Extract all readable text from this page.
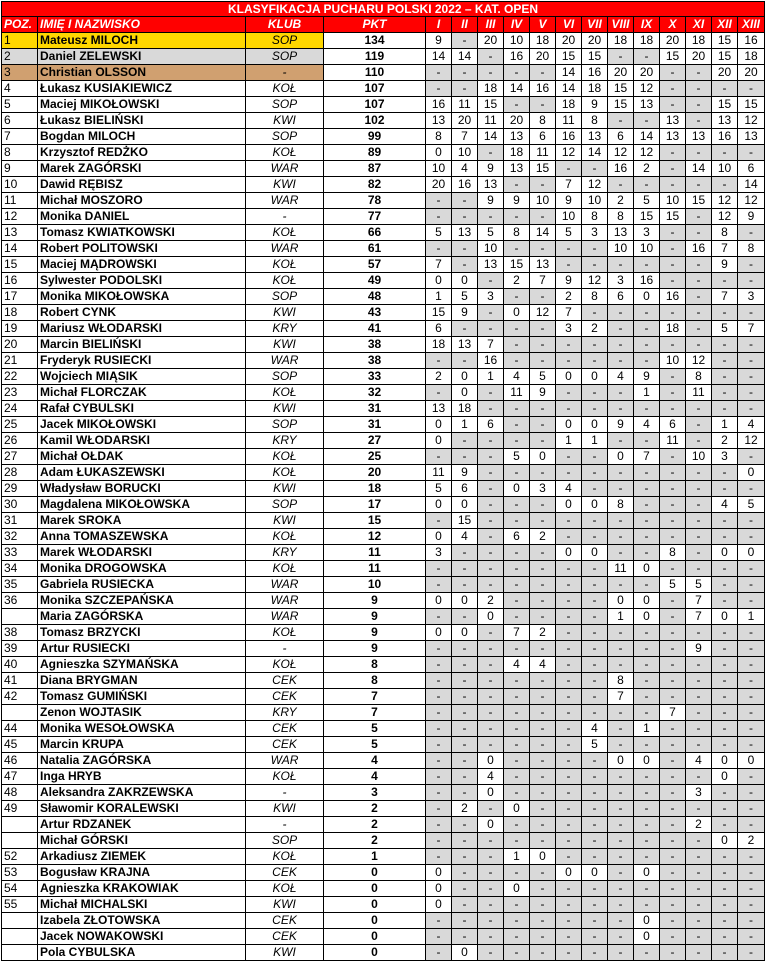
KLASYFIKACJA PUCHARU POLSKI 2022 – KAT. OPEN																
POZ.	IMIĘ I NAZWISKO	KLUB	PKT	I	II	III	IV	V	VI	VII	VIII	IX	X	XI	XII	XIII
1	Mateusz MILOCH	SOP	134	9	-	20	10	18	20	20	18	18	20	18	15	16
2	Daniel ZELEWSKI	SOP	119	14	14	-	16	20	15	15	-	-	15	20	15	18
3	Christian OLSSON	-	110	-	-	-	-	-	14	16	20	20	-	-	20	20
4	Łukasz KUSIAKIEWICZ	KOŁ	107	-	-	18	14	16	14	18	15	12	-	-	-	-
5	Maciej MIKOŁOWSKI	SOP	107	16	11	15	-	-	18	9	15	13	-	-	15	15
6	Łukasz BIELIŃSKI	KWI	102	13	20	11	20	8	11	8	-	-	13	-	13	12
7	Bogdan MILOCH	SOP	99	8	7	14	13	6	16	13	6	14	13	13	16	13
8	Krzysztof REDŻKO	KOŁ	89	0	10	-	18	11	12	14	12	12	-	-	-	-
9	Marek ZAGÓRSKI	WAR	87	10	4	9	13	15	-	-	16	2	-	14	10	6
10	Dawid RĘBISZ	KWI	82	20	16	13	-	-	7	12	-	-	-	-	-	14
11	Michał MOSZORO	WAR	78	-	-	9	9	10	9	10	2	5	10	15	12	12
12	Monika DANIEL	-	77	-	-	-	-	-	10	8	8	15	15	-	12	9
13	Tomasz KWIATKOWSKI	KOŁ	66	5	13	5	8	14	5	3	13	3	-	-	8	-
14	Robert POLITOWSKI	WAR	61	-	-	10	-	-	-	-	10	10	-	16	7	8
15	Maciej MĄDROWSKI	KOŁ	57	7	-	13	15	13	-	-	-	-	-	-	9	-
16	Sylwester PODOLSKI	KOŁ	49	0	0	-	2	7	9	12	3	16	-	-	-	-
17	Monika MIKOŁOWSKA	SOP	48	1	5	3	-	-	2	8	6	0	16	-	7	3
18	Robert CYNK	KWI	43	15	9	-	0	12	7	-	-	-	-	-	-	-
19	Mariusz WŁODARSKI	KRY	41	6	-	-	-	-	3	2	-	-	18	-	5	7
20	Marcin BIELIŃSKI	KWI	38	18	13	7	-	-	-	-	-	-	-	-	-	-
21	Fryderyk RUSIECKI	WAR	38	-	-	16	-	-	-	-	-	-	10	12	-	-
22	Wojciech MIĄSIK	SOP	33	2	0	1	4	5	0	0	4	9	-	8	-	-
23	Michał FLORCZAK	KOŁ	32	-	0	-	11	9	-	-	-	1	-	11	-	-
24	Rafał CYBULSKI	KWI	31	13	18	-	-	-	-	-	-	-	-	-	-	-
25	Jacek MIKOŁOWSKI	SOP	31	0	1	6	-	-	0	0	9	4	6	-	1	4
26	Kamil WŁODARSKI	KRY	27	0	-	-	-	-	1	1	-	-	11	-	2	12
27	Michał OŁDAK	KOŁ	25	-	-	-	5	0	-	-	0	7	-	10	3	-
28	Adam ŁUKASZEWSKI	KOŁ	20	11	9	-	-	-	-	-	-	-	-	-	-	0
29	Władysław BORUCKI	KWI	18	5	6	-	0	3	4	-	-	-	-	-	-	-
30	Magdalena MIKOŁOWSKA	SOP	17	0	0	-	-	-	0	0	8	-	-	-	4	5
31	Marek SROKA	KWI	15	-	15	-	-	-	-	-	-	-	-	-	-	-
32	Anna TOMASZEWSKA	KOŁ	12	0	4	-	6	2	-	-	-	-	-	-	-	-
33	Marek WŁODARSKI	KRY	11	3	-	-	-	-	0	0	-	-	8	-	0	0
34	Monika DROGOWSKA	KOŁ	11	-	-	-	-	-	-	-	11	0	-	-	-	-
35	Gabriela RUSIECKA	WAR	10	-	-	-	-	-	-	-	-	-	5	5	-	-
36	Monika SZCZEPAŃSKA	WAR	9	0	0	2	-	-	-	-	0	0	-	7	-	-
	Maria ZAGÓRSKA	WAR	9	-	-	0	-	-	-	-	1	0	-	7	0	1
38	Tomasz BRZYCKI	KOŁ	9	0	0	-	7	2	-	-	-	-	-	-	-	-
39	Artur RUSIECKI	-	9	-	-	-	-	-	-	-	-	-	-	9	-	-
40	Agnieszka SZYMAŃSKA	KOŁ	8	-	-	-	4	4	-	-	-	-	-	-	-	-
41	Diana BRYGMAN	CEK	8	-	-	-	-	-	-	-	8	-	-	-	-	-
42	Tomasz GUMIŃSKI	CEK	7	-	-	-	-	-	-	-	7	-	-	-	-	-
	Zenon WOJTASIK	KRY	7	-	-	-	-	-	-	-	-	-	7	-	-	-
44	Monika WESOŁOWSKA	CEK	5	-	-	-	-	-	-	4	-	1	-	-	-	-
45	Marcin KRUPA	CEK	5	-	-	-	-	-	-	5	-	-	-	-	-	-
46	Natalia ZAGÓRSKA	WAR	4	-	-	0	-	-	-	-	0	0	-	4	0	0
47	Inga HRYB	KOŁ	4	-	-	4	-	-	-	-	-	-	-	-	0	-
48	Aleksandra ZAKRZEWSKA	-	3	-	-	0	-	-	-	-	-	-	-	3	-	-
49	Sławomir KORALEWSKI	KWI	2	-	2	-	0	-	-	-	-	-	-	-	-	-
	Artur RDZANEK	-	2	-	-	0	-	-	-	-	-	-	-	2	-	-
	Michał GÓRSKI	SOP	2	-	-	-	-	-	-	-	-	-	-	-	0	2
52	Arkadiusz ZIEMEK	KOŁ	1	-	-	-	1	0	-	-	-	-	-	-	-	-
53	Bogusław KRAJNA	CEK	0	0	-	-	-	-	0	0	-	0	-	-	-	-
54	Agnieszka KRAKOWIAK	KOŁ	0	0	-	-	0	-	-	-	-	-	-	-	-	-
55	Michał MICHALSKI	KWI	0	0	-	-	-	-	-	-	-	-	-	-	-	-
	Izabela ZŁOTOWSKA	CEK	0	-	-	-	-	-	-	-	-	0	-	-	-	-
	Jacek NOWAKOWSKI	CEK	0	-	-	-	-	-	-	-	-	0	-	-	-	-
	Pola CYBULSKA	KWI	0	-	0	-	-	-	-	-	-	-	-	-	-	-
